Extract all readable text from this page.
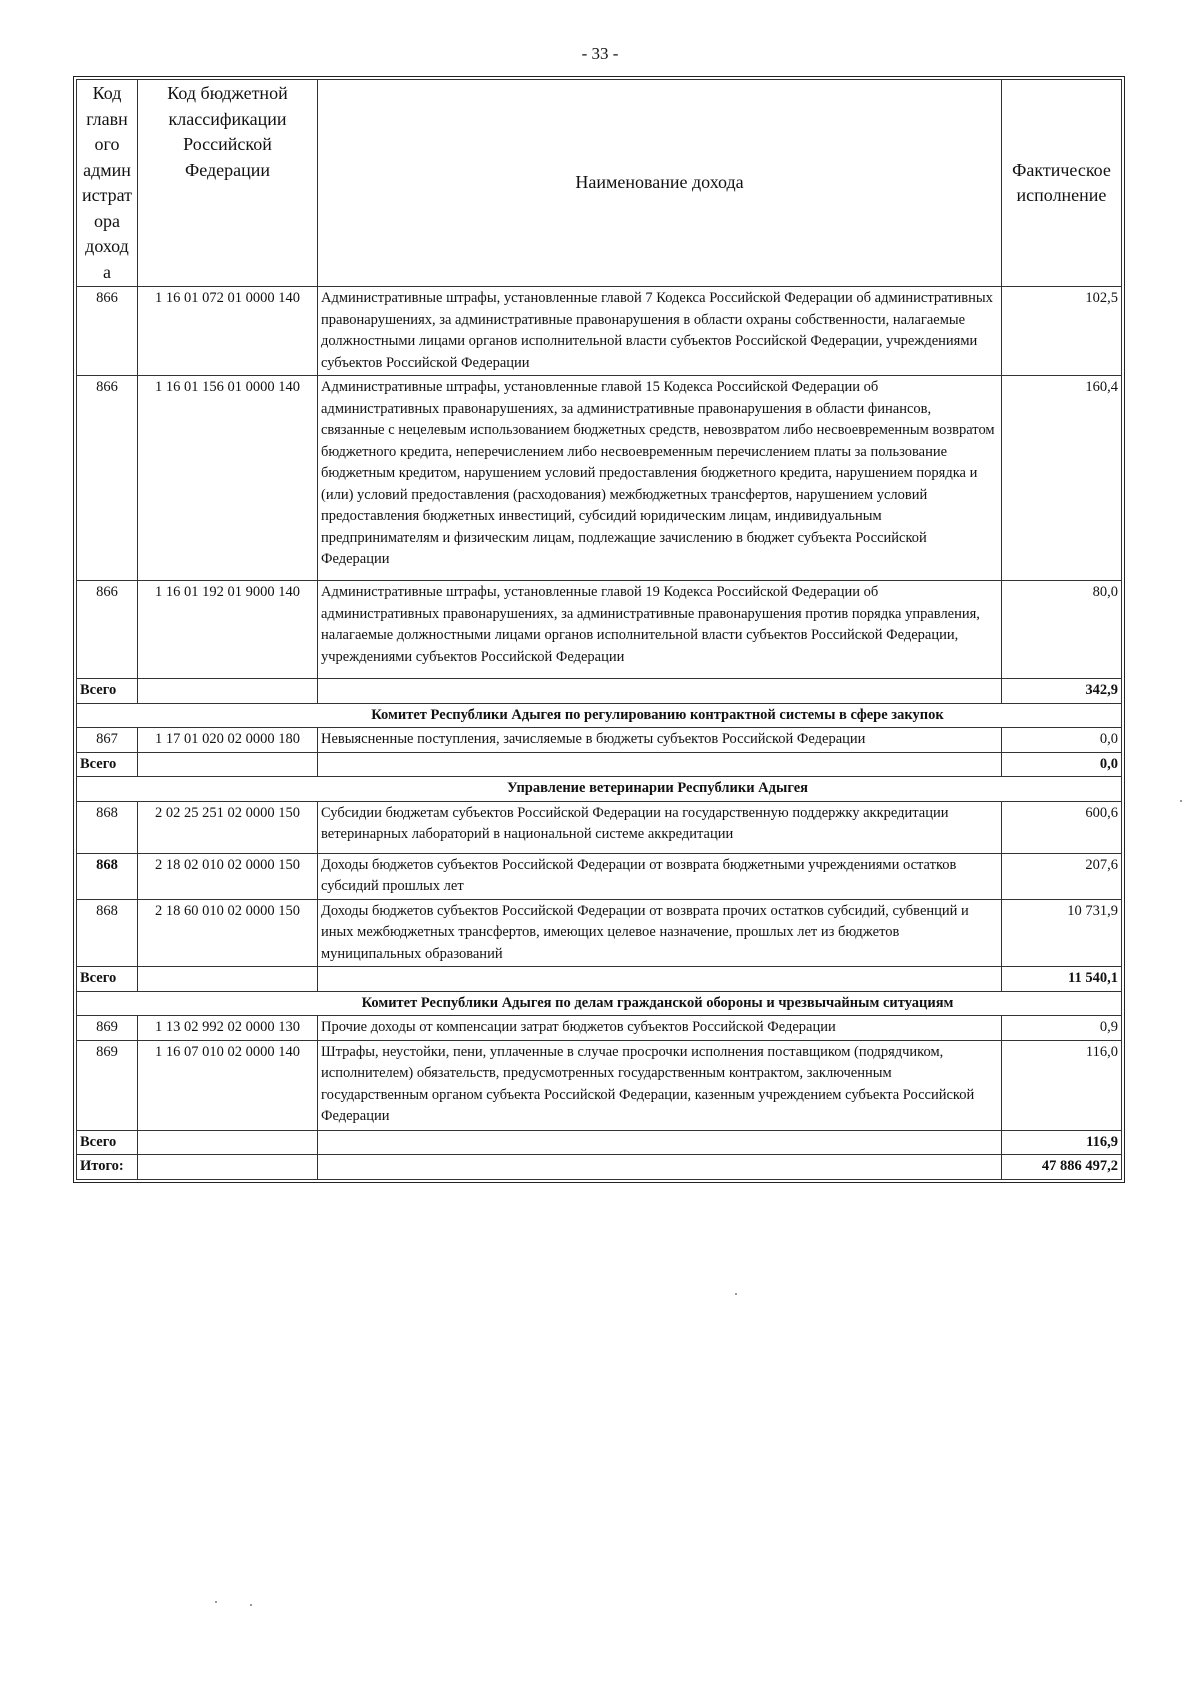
- 33 -
Код главн ого админ истрат ора доход а	Код бюджетной классификации Российской Федерации	Наименование дохода	Фактическое исполнение
866	1 16 01 072 01 0000 140	Административные штрафы, установленные главой 7 Кодекса Российской Федерации об административных правонарушениях, за административные правонарушения в области охраны собственности, налагаемые должностными лицами органов исполнительной власти субъектов Российской Федерации, учреждениями субъектов Российской Федерации	102,5
866	1 16 01 156 01 0000 140	Административные штрафы, установленные главой 15 Кодекса Российской Федерации об административных правонарушениях, за административные правонарушения в области финансов, связанные с нецелевым использованием бюджетных средств, невозвратом либо несвоевременным возвратом бюджетного кредита, неперечислением либо несвоевременным перечислением платы за пользование бюджетным кредитом, нарушением условий предоставления бюджетного кредита, нарушением порядка и (или) условий предоставления (расходования) межбюджетных трансфертов, нарушением условий предоставления бюджетных инвестиций, субсидий юридическим лицам, индивидуальным предпринимателям и физическим лицам, подлежащие зачислению в бюджет субъекта Российской Федерации	160,4
866	1 16 01 192 01 9000 140	Административные штрафы, установленные главой 19 Кодекса Российской Федерации об административных правонарушениях, за административные правонарушения против порядка управления, налагаемые должностными лицами органов исполнительной власти субъектов Российской Федерации, учреждениями субъектов Российской Федерации	80,0
Всего			342,9
Комитет Республики Адыгея по регулированию контрактной системы в сфере закупок			
867	1 17 01 020 02 0000 180	Невыясненные поступления, зачисляемые в бюджеты субъектов Российской Федерации	0,0
Всего			0,0
Управление ветеринарии Республики Адыгея			
868	2 02 25 251 02 0000 150	Субсидии бюджетам субъектов Российской Федерации на государственную поддержку аккредитации ветеринарных лабораторий в национальной системе аккредитации	600,6
868	2 18 02 010 02 0000 150	Доходы бюджетов субъектов Российской Федерации от возврата бюджетными учреждениями остатков субсидий прошлых лет	207,6
868	2 18 60 010 02 0000 150	Доходы бюджетов субъектов Российской Федерации от возврата прочих остатков субсидий, субвенций и иных межбюджетных трансфертов, имеющих целевое назначение, прошлых лет из бюджетов муниципальных образований	10 731,9
Всего			11 540,1
Комитет Республики Адыгея по делам гражданской обороны и чрезвычайным ситуациям			
869	1 13 02 992 02 0000 130	Прочие доходы от компенсации затрат бюджетов субъектов Российской Федерации	0,9
869	1 16 07 010 02 0000 140	Штрафы, неустойки, пени, уплаченные в случае просрочки исполнения поставщиком (подрядчиком, исполнителем) обязательств, предусмотренных государственным контрактом, заключенным государственным органом субъекта Российской Федерации, казенным учреждением субъекта Российской Федерации	116,0
Всего			116,9
Итого:			47 886 497,2
